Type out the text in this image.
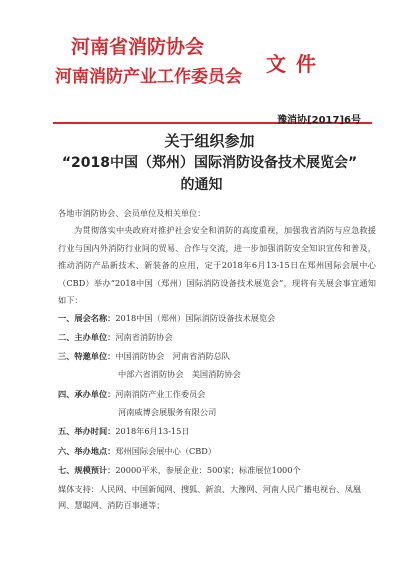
河南省消防协会
河南消防产业工作委员会
文件
豫消协[2017]6号
关于组织参加
“2018中国（郑州）国际消防设备技术展览会”
的通知
各地市消防协会、会员单位及相关单位：
为贯彻落实中央政府对推护社会安全和消防的高度重视，加强我省消防与应急救援行业与国内外消防行业间的贸易、合作与交流，进一步加强消防安全知识宣传和普及，推动消防产品新技术、新装备的应用，定于2018年6月13-15日在郑州国际会展中心（CBD）举办“2018中国（郑州）国际消防设备技术展览会”，现将有关展会事宜通知如下：
一、展会名称：2018中国（郑州）国际消防设备技术展览会
二、主办单位：河南省消防协会
三、特邀单位：中国消防协会　河南省消防总队
中部六省消防协会　美国消防协会
四、承办单位：河南消防产业工作委员会
河南威博会展服务有限公司
五、举办时间：2018年6月13-15日
六、举办地点：郑州国际会展中心（CBD）
七、规模预计：20000平米，参展企业：500家；标准展位1000个
媒体支持：人民网、中国新闻网、搜狐、新浪、大豫网、河南人民广播电视台、凤凰网、慧聪网、消防百事通等；
